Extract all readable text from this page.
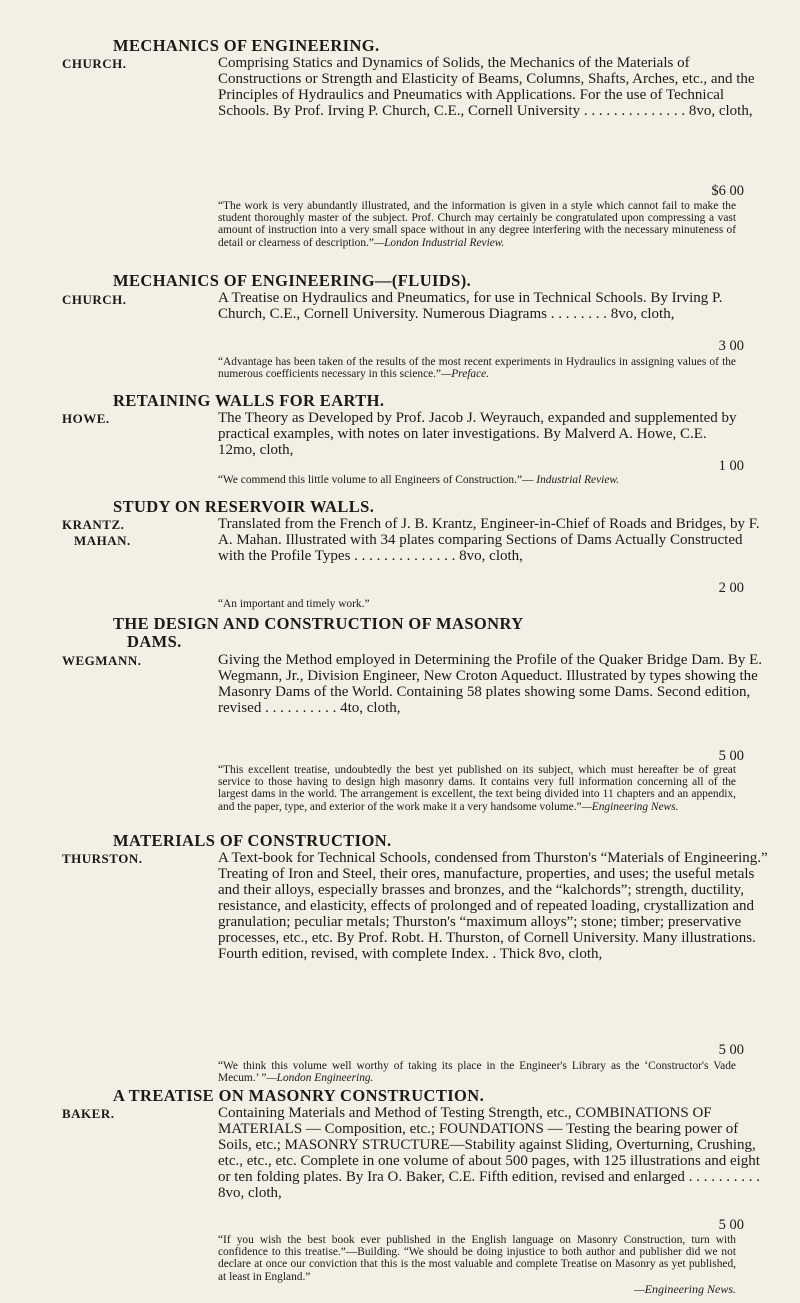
MECHANICS OF ENGINEERING.
CHURCH.	Comprising Statics and Dynamics of Solids, the Mechanics of the Materials of Constructions or Strength and Elasticity of Beams, Columns, Shafts, Arches, etc., and the Principles of Hydraulics and Pneumatics with Applications. For the use of Technical Schools. By Prof. Irving P. Church, C.E., Cornell University . . . . . . . . . . . . . . 8vo, cloth,
$6 00
“The work is very abundantly illustrated, and the information is given in a style which cannot fail to make the student thoroughly master of the subject. Prof. Church may certainly be congratulated upon compressing a vast amount of instruction into a very small space without in any degree interfering with the necessary minuteness of detail or clearness of description.”—London Industrial Review.
MECHANICS OF ENGINEERING—(FLUIDS).
CHURCH.	A Treatise on Hydraulics and Pneumatics, for use in Technical Schools. By Irving P. Church, C.E., Cornell University. Numerous Diagrams . . . . . . . . 8vo, cloth,
3 00
“Advantage has been taken of the results of the most recent experiments in Hydraulics in assigning values of the numerous coefficients necessary in this science.”—Preface.
RETAINING WALLS FOR EARTH.
HOWE.	The Theory as Developed by Prof. Jacob J. Weyrauch, expanded and supplemented by practical examples, with notes on later investigations. By Malverd A. Howe, C.E. 12mo, cloth,
1 00
“We commend this little volume to all Engineers of Construction.”— Industrial Review.
STUDY ON RESERVOIR WALLS.
KRANTZ.
MAHAN.
Translated from the French of J. B. Krantz, Engineer-in-Chief of Roads and Bridges, by F. A. Mahan. Illustrated with 34 plates comparing Sections of Dams Actually Constructed with the Profile Types . . . . . . . . . . . . . . 8vo, cloth,
2 00
“An important and timely work.”
THE DESIGN AND CONSTRUCTION OF MASONRY
DAMS.
WEGMANN.	Giving the Method employed in Determining the Profile of the Quaker Bridge Dam. By E. Wegmann, Jr., Division Engineer, New Croton Aqueduct. Illustrated by types showing the Masonry Dams of the World. Containing 58 plates showing some Dams. Second edition, revised . . . . . . . . . . 4to, cloth,
5 00
“This excellent treatise, undoubtedly the best yet published on its subject, which must hereafter be of great service to those having to design high masonry dams. It contains very full information concerning all of the largest dams in the world. The arrangement is excellent, the text being divided into 11 chapters and an appendix, and the paper, type, and exterior of the work make it a very handsome volume.”—Engineering News.
MATERIALS OF CONSTRUCTION.
THURSTON.	A Text-book for Technical Schools, condensed from Thurston's “Materials of Engineering.” Treating of Iron and Steel, their ores, manufacture, properties, and uses; the useful metals and their alloys, especially brasses and bronzes, and the “kalchords”; strength, ductility, resistance, and elasticity, effects of prolonged and of repeated loading, crystallization and granulation; peculiar metals; Thurston's “maximum alloys”; stone; timber; preservative processes, etc., etc. By Prof. Robt. H. Thurston, of Cornell University. Many illustrations. Fourth edition, revised, with complete Index. . Thick 8vo, cloth,
5 00
“We think this volume well worthy of taking its place in the Engineer's Library as the ‘Constructor's Vade Mecum.’ ”—London Engineering.
A TREATISE ON MASONRY CONSTRUCTION.
BAKER.	Containing Materials and Method of Testing Strength, etc., COMBINATIONS OF MATERIALS — Composition, etc.; FOUNDATIONS — Testing the bearing power of Soils, etc.; MASONRY STRUCTURE—Stability against Sliding, Overturning, Crushing, etc., etc., etc. Complete in one volume of about 500 pages, with 125 illustrations and eight or ten folding plates. By Ira O. Baker, C.E. Fifth edition, revised and enlarged . . . . . . . . . . 8vo, cloth,
5 00
“If you wish the best book ever published in the English language on Masonry Construction, turn with confidence to this treatise.”—Building. “We should be doing injustice to both author and publisher did we not declare at once our conviction that this is the most valuable and complete Treatise on Masonry as yet published, at least in England.”
—Engineering News.
